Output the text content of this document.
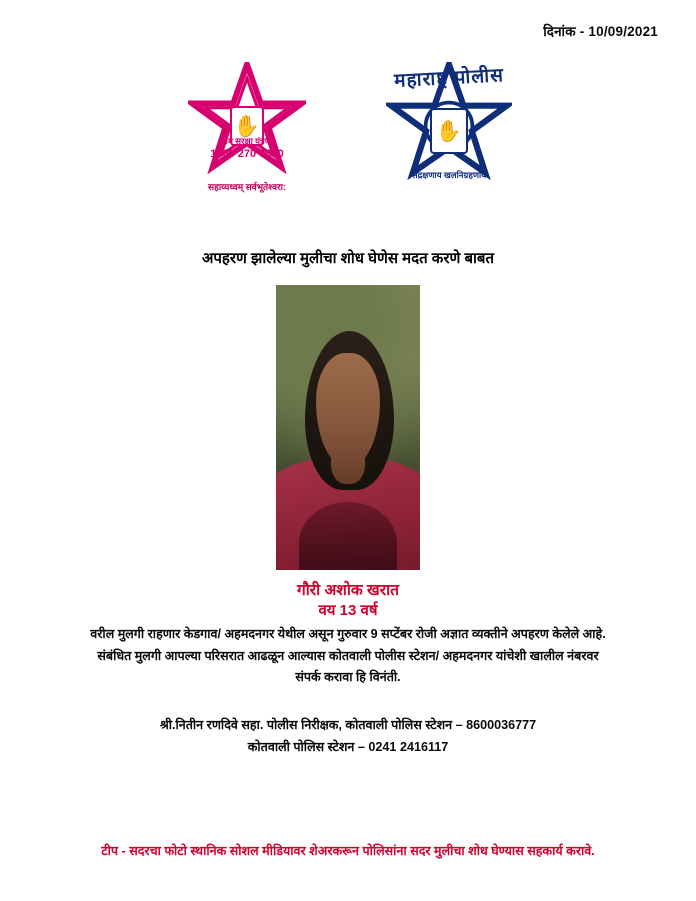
दिनांक - 10/09/2021
✋
ग्राम सुरक्षा यंत्रणा
1800 270 3600
सहाय्यध्वम् सर्वभूतेश्वरा:
महाराष्ट्र पोलीस
✋
सद्रक्षणाय खलनिग्रहणाय
अपहरण झालेल्या मुलीचा शोध घेणेस मदत करणे बाबत
गौरी अशोक खरात
वय 13 वर्ष
वरील मुलगी राहणार केडगाव/ अहमदनगर येथील असून गुरुवार 9 सप्टेंबर रोजी अज्ञात व्यक्तीने अपहरण केलेले आहे.
संबंधित मुलगी आपल्या परिसरात आढळून आल्यास कोतवाली पोलीस स्टेशन/ अहमदनगर यांचेशी खालील नंबरवर
संपर्क करावा हि विनंती.
श्री.नितीन रणदिवे सहा. पोलीस निरीक्षक, कोतवाली पोलिस स्टेशन – 8600036777
कोतवाली पोलिस स्टेशन – 0241 2416117
टीप - सदरचा फोटो स्थानिक सोशल मीडियावर शेअरकरून पोलिसांना सदर मुलीचा शोध घेण्यास सहकार्य करावे.
